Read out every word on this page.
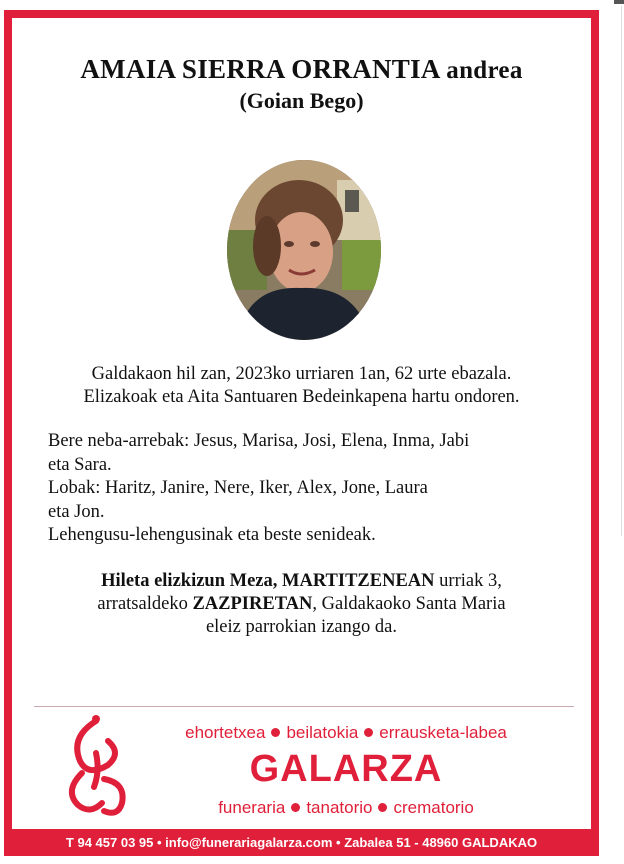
AMAIA SIERRA ORRANTIA andrea
(Goian Bego)
Galdakaon hil zan, 2023ko urriaren 1an, 62 urte ebazala.
Elizakoak eta Aita Santuaren Bedeinkapena hartu ondoren.
Bere neba-arrebak: Jesus, Marisa, Josi, Elena, Inma, Jabi
eta Sara.
Lobak: Haritz, Janire, Nere, Iker, Alex, Jone, Laura
eta Jon.
Lehengusu-lehengusinak eta beste senideak.
Hileta elizkizun Meza, MARTITZENEAN urriak 3,
arratsaldeko ZAZPIRETAN, Galdakaoko Santa Maria
eleiz parrokian izango da.
ehortetxea beilatokia errausketa-labea
GALARZA
funeraria tanatorio crematorio
T 94 457 03 95 • info@funerariagalarza.com • Zabalea 51 - 48960 GALDAKAO
